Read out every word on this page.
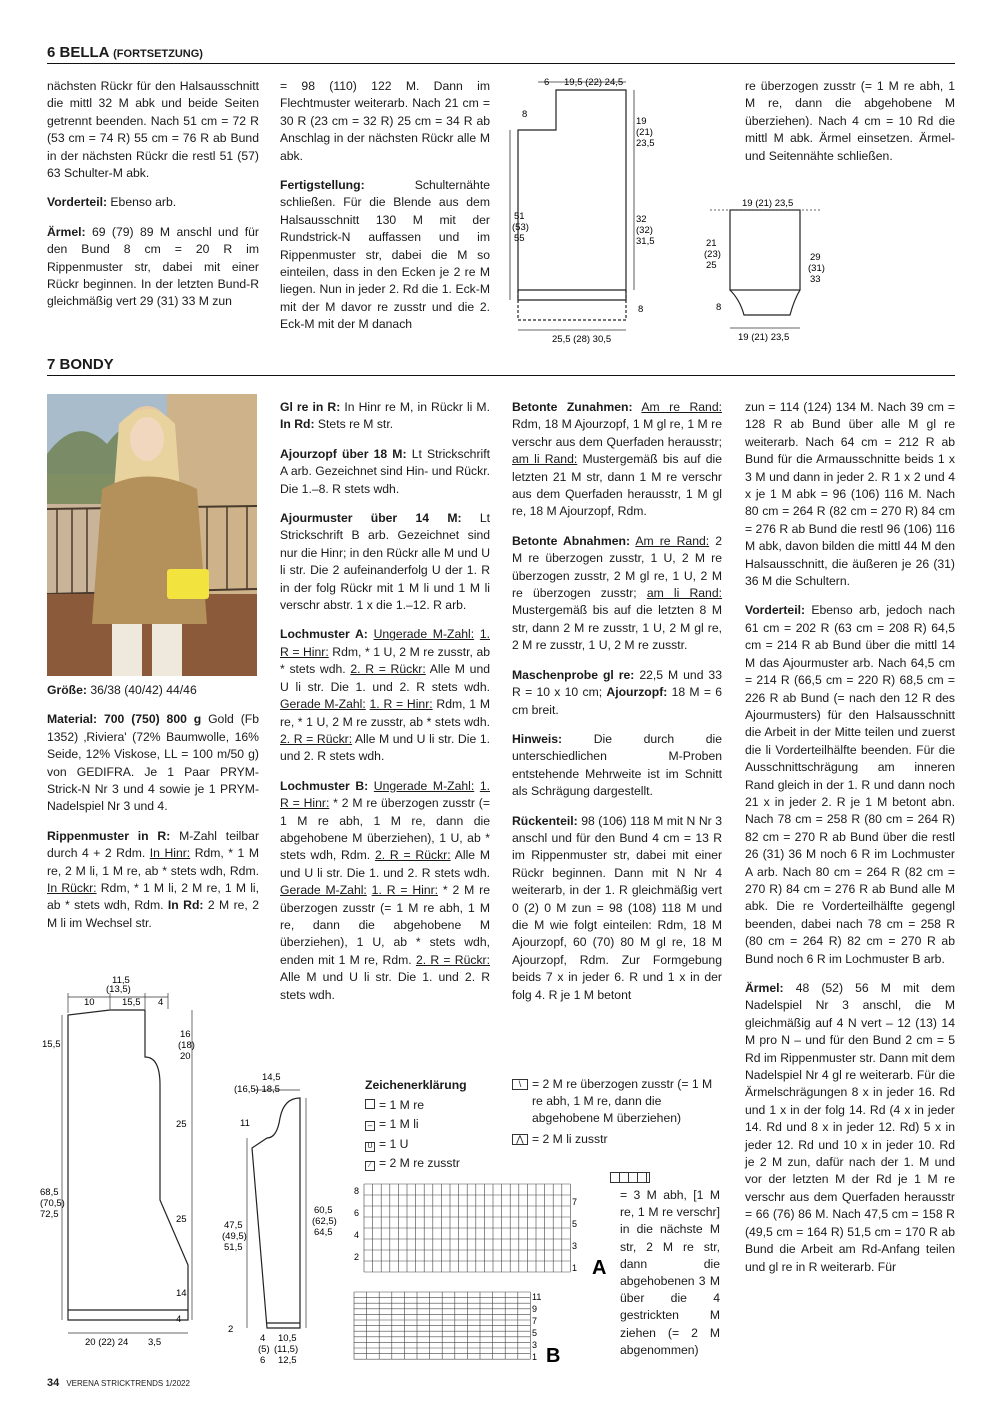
6 BELLA (FORTSETZUNG)

nächsten Rückr für den Halsausschnitt die mittl 32 M abk und beide Seiten getrennt beenden. Nach 51 cm = 72 R (53 cm = 74 R) 55 cm = 76 R ab Bund in der nächsten Rückr die restl 51 (57) 63 Schulter-M abk.

Vorderteil: Ebenso arb.

Ärmel: 69 (79) 89 M anschl und für den Bund 8 cm = 20 R im Rippenmuster str, dabei mit einer Rückr beginnen. In der letzten Bund-R gleichmäßig vert 29 (31) 33 M zun

= 98 (110) 122 M. Dann im Flechtmuster weiterarb. Nach 21 cm = 30 R (23 cm = 32 R) 25 cm = 34 R ab Anschlag in der nächsten Rückr alle M abk.

Fertigstellung: Schulternähte schließen. Für die Blende aus dem Halsausschnitt 130 M mit der Rundstrick-N auffassen und im Rippenmuster str, dabei die M so einteilen, dass in den Ecken je 2 re M liegen. Nun in jeder 2. Rd die 1. Eck-M mit der M davor re zusstr und die 2. Eck-M mit der M danach

re überzogen zusstr (= 1 M re abh, 1 M re, dann die abgehobene M überziehen). Nach 4 cm = 10 Rd die mittl M abk. Ärmel einsetzen. Ärmel- und Seitennähte schließen.

6 19,5 (22) 24,5
8
19
(21)
23,5
51
(53)
55
32
(32)
31,5
8
25,5 (28) 30,5
19 (21) 23,5
21
(23)
25
29
(31)
33
8
19 (21) 23,5
7 BONDY

Größe: 36/38 (40/42) 44/46

Material: 700 (750) 800 g Gold (Fb 1352) ‚Riviera' (72% Baumwolle, 16% Seide, 12% Viskose, LL = 100 m/50 g) von GEDIFRA. Je 1 Paar PRYM-Strick-N Nr 3 und 4 sowie je 1 PRYM-Nadelspiel Nr 3 und 4.

Rippenmuster in R: M-Zahl teilbar durch 4 + 2 Rdm. In Hinr: Rdm, * 1 M re, 2 M li, 1 M re, ab * stets wdh, Rdm. In Rückr: Rdm, * 1 M li, 2 M re, 1 M li, ab * stets wdh, Rdm. In Rd: 2 M re, 2 M li im Wechsel str.

Gl re in R: In Hinr re M, in Rückr li M. In Rd: Stets re M str.

Ajourzopf über 18 M: Lt Strickschrift A arb. Gezeichnet sind Hin- und Rückr. Die 1.–8. R stets wdh.

Ajourmuster über 14 M: Lt Strickschrift B arb. Gezeichnet sind nur die Hinr; in den Rückr alle M und U li str. Die 2 aufeinanderfolg U der 1. R in der folg Rückr mit 1 M li und 1 M li verschr abstr. 1 x die 1.–12. R arb.

Lochmuster A: Ungerade M-Zahl: 1. R = Hinr: Rdm, * 1 U, 2 M re zusstr, ab * stets wdh. 2. R = Rückr: Alle M und U li str. Die 1. und 2. R stets wdh. Gerade M-Zahl: 1. R = Hinr: Rdm, 1 M re, * 1 U, 2 M re zusstr, ab * stets wdh. 2. R = Rückr: Alle M und U li str. Die 1. und 2. R stets wdh.

Lochmuster B: Ungerade M-Zahl: 1. R = Hinr: * 2 M re überzogen zusstr (= 1 M re abh, 1 M re, dann die abgehobene M überziehen), 1 U, ab * stets wdh, Rdm. 2. R = Rückr: Alle M und U li str. Die 1. und 2. R stets wdh. Gerade M-Zahl: 1. R = Hinr: * 2 M re überzogen zusstr (= 1 M re abh, 1 M re, dann die abgehobene M überziehen), 1 U, ab * stets wdh, enden mit 1 M re, Rdm. 2. R = Rückr: Alle M und U li str. Die 1. und 2. R stets wdh.

Betonte Zunahmen: Am re Rand: Rdm, 18 M Ajourzopf, 1 M gl re, 1 M re verschr aus dem Querfaden herausstr; am li Rand: Mustergemäß bis auf die letzten 21 M str, dann 1 M re verschr aus dem Querfaden herausstr, 1 M gl re, 18 M Ajourzopf, Rdm.

Betonte Abnahmen: Am re Rand: 2 M re überzogen zusstr, 1 U, 2 M re überzogen zusstr, 2 M gl re, 1 U, 2 M re überzogen zusstr; am li Rand: Mustergemäß bis auf die letzten 8 M str, dann 2 M re zusstr, 1 U, 2 M gl re, 2 M re zusstr, 1 U, 2 M re zusstr.

Maschenprobe gl re: 22,5 M und 33 R = 10 x 10 cm; Ajourzopf: 18 M = 6 cm breit.

Hinweis: Die durch die unterschiedlichen M-Proben entstehende Mehrweite ist im Schnitt als Schrägung dargestellt.

Rückenteil: 98 (106) 118 M mit N Nr 3 anschl und für den Bund 4 cm = 13 R im Rippenmuster str, dabei mit einer Rückr beginnen. Dann mit N Nr 4 weiterarb, in der 1. R gleichmäßig vert 0 (2) 0 M zun = 98 (108) 118 M und die M wie folgt einteilen: Rdm, 18 M Ajourzopf, 60 (70) 80 M gl re, 18 M Ajourzopf, Rdm. Zur Formgebung beids 7 x in jeder 6. R und 1 x in der folg 4. R je 1 M betont

zun = 114 (124) 134 M. Nach 39 cm = 128 R ab Bund über alle M gl re weiterarb. Nach 64 cm = 212 R ab Bund für die Armausschnitte beids 1 x 3 M und dann in jeder 2. R 1 x 2 und 4 x je 1 M abk = 96 (106) 116 M. Nach 80 cm = 264 R (82 cm = 270 R) 84 cm = 276 R ab Bund die restl 96 (106) 116 M abk, davon bilden die mittl 44 M den Halsausschnitt, die äußeren je 26 (31) 36 M die Schultern.

Vorderteil: Ebenso arb, jedoch nach 61 cm = 202 R (63 cm = 208 R) 64,5 cm = 214 R ab Bund über die mittl 14 M das Ajourmuster arb. Nach 64,5 cm = 214 R (66,5 cm = 220 R) 68,5 cm = 226 R ab Bund (= nach den 12 R des Ajourmusters) für den Halsausschnitt die Arbeit in der Mitte teilen und zuerst die li Vorderteilhälfte beenden. Für die Ausschnittschrägung am inneren Rand gleich in der 1. R und dann noch 21 x in jeder 2. R je 1 M betont abn. Nach 78 cm = 258 R (80 cm = 264 R) 82 cm = 270 R ab Bund über die restl 26 (31) 36 M noch 6 R im Lochmuster A arb. Nach 80 cm = 264 R (82 cm = 270 R) 84 cm = 276 R ab Bund alle M abk. Die re Vorderteilhälfte gegengl beenden, dabei nach 78 cm = 258 R (80 cm = 264 R) 82 cm = 270 R ab Bund noch 6 R im Lochmuster B arb.

Ärmel: 48 (52) 56 M mit dem Nadelspiel Nr 3 anschl, die M gleichmäßig auf 4 N vert – 12 (13) 14 M pro N – und für den Bund 2 cm = 5 Rd im Rippenmuster str. Dann mit dem Nadelspiel Nr 4 gl re weiterarb. Für die Ärmelschrägungen 8 x in jeder 16. Rd und 1 x in der folg 14. Rd (4 x in jeder 14. Rd und 8 x in jeder 12. Rd) 5 x in jeder 12. Rd und 10 x in jeder 10. Rd je 2 M zun, dafür nach der 1. M und vor der letzten M der Rd je 1 M re verschr aus dem Querfaden herausstr = 66 (76) 86 M. Nach 47,5 cm = 158 R (49,5 cm = 164 R) 51,5 cm = 170 R ab Bund die Arbeit am Rd-Anfang teilen und gl re in R weiterarb. Für

11,5
(13,5)
15,5
10	4
15,5
16
(18)
20
25
25
68,5
(70,5)
72,5
14
4
20 (22) 24 3,5
14,5
(16,5) 18,5
11
60,5
(62,5)
64,5
47,5
(49,5)
51,5
2
4
(5)
6
10,5
(11,5)
12,5
Zeichenerklärung
= 1 M re
– = 1 M li
U = 1 U
⁄ = 2 M re zusstr
\ = 2 M re überzogen zusstr (= 1 M re abh, 1 M re, dann die abgehobene M überziehen)
⋀ = 2 M li zusstr
= 3 M abh, [1 M re, 1 M re verschr] in die nächste M str, 2 M re str, dann die abgehobenen 3 M über die 4 gestrickten M ziehen (= 2 M abgenommen)
8
6
4
2
7
5
3
1 A
11
9
7
5
3
1 B
34 VERENA STRICKTRENDS 1/2022
